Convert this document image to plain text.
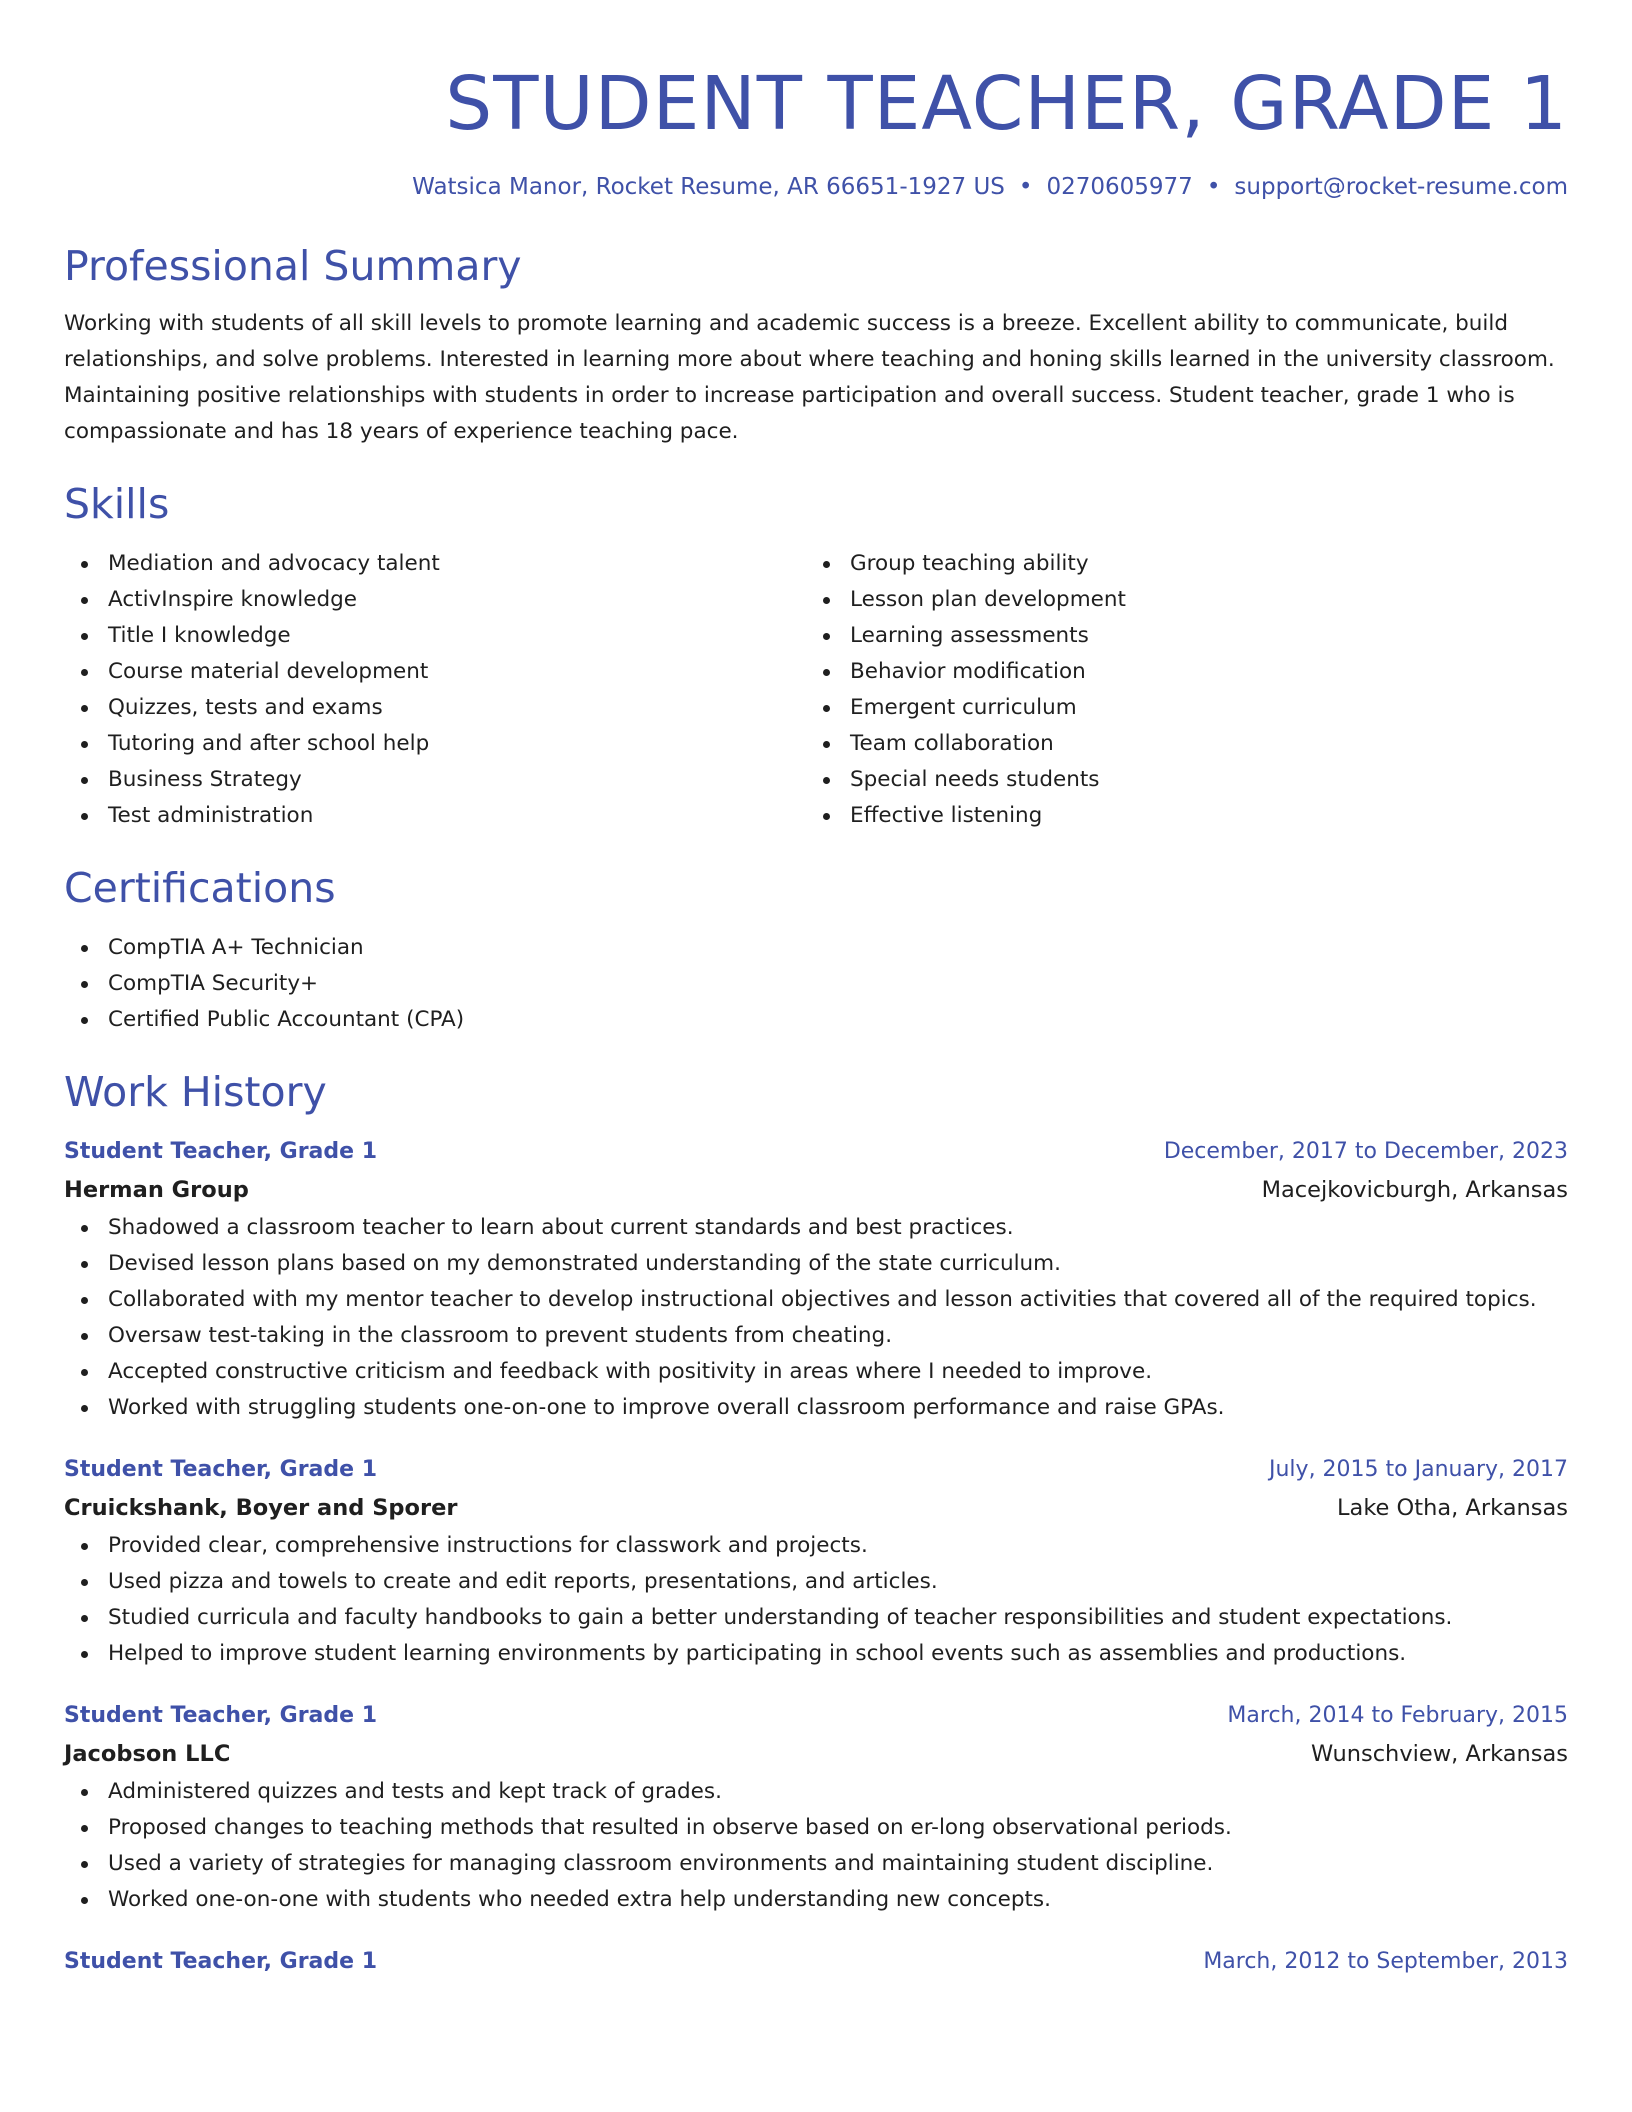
STUDENT TEACHER, GRADE 1
Watsica Manor, Rocket Resume, AR 66651-1927 US • 0270605977 • support@rocket-resume.com
Professional Summary

Working with students of all skill levels to promote learning and academic success is a breeze. Excellent ability to communicate, build relationships, and solve problems. Interested in learning more about where teaching and honing skills learned in the university classroom. Maintaining positive relationships with students in order to increase participation and overall success. Student teacher, grade 1 who is compassionate and has 18 years of experience teaching pace.

Skills
Mediation and advocacy talent
ActivInspire knowledge
Title I knowledge
Course material development
Quizzes, tests and exams
Tutoring and after school help
Business Strategy
Test administration
Group teaching ability
Lesson plan development
Learning assessments
Behavior modification
Emergent curriculum
Team collaboration
Special needs students
Effective listening
Certifications
CompTIA A+ Technician
CompTIA Security+
Certified Public Accountant (CPA)
Work History
Student Teacher, Grade 1	December, 2017 to December, 2023
Herman Group	Macejkovicburgh, Arkansas
Shadowed a classroom teacher to learn about current standards and best practices.
Devised lesson plans based on my demonstrated understanding of the state curriculum.
Collaborated with my mentor teacher to develop instructional objectives and lesson activities that covered all of the required topics.
Oversaw test-taking in the classroom to prevent students from cheating.
Accepted constructive criticism and feedback with positivity in areas where I needed to improve.
Worked with struggling students one-on-one to improve overall classroom performance and raise GPAs.
Student Teacher, Grade 1	July, 2015 to January, 2017
Cruickshank, Boyer and Sporer	Lake Otha, Arkansas
Provided clear, comprehensive instructions for classwork and projects.
Used pizza and towels to create and edit reports, presentations, and articles.
Studied curricula and faculty handbooks to gain a better understanding of teacher responsibilities and student expectations.
Helped to improve student learning environments by participating in school events such as assemblies and productions.
Student Teacher, Grade 1	March, 2014 to February, 2015
Jacobson LLC	Wunschview, Arkansas
Administered quizzes and tests and kept track of grades.
Proposed changes to teaching methods that resulted in observe based on er-long observational periods.
Used a variety of strategies for managing classroom environments and maintaining student discipline.
Worked one-on-one with students who needed extra help understanding new concepts.
Student Teacher, Grade 1	March, 2012 to September, 2013
